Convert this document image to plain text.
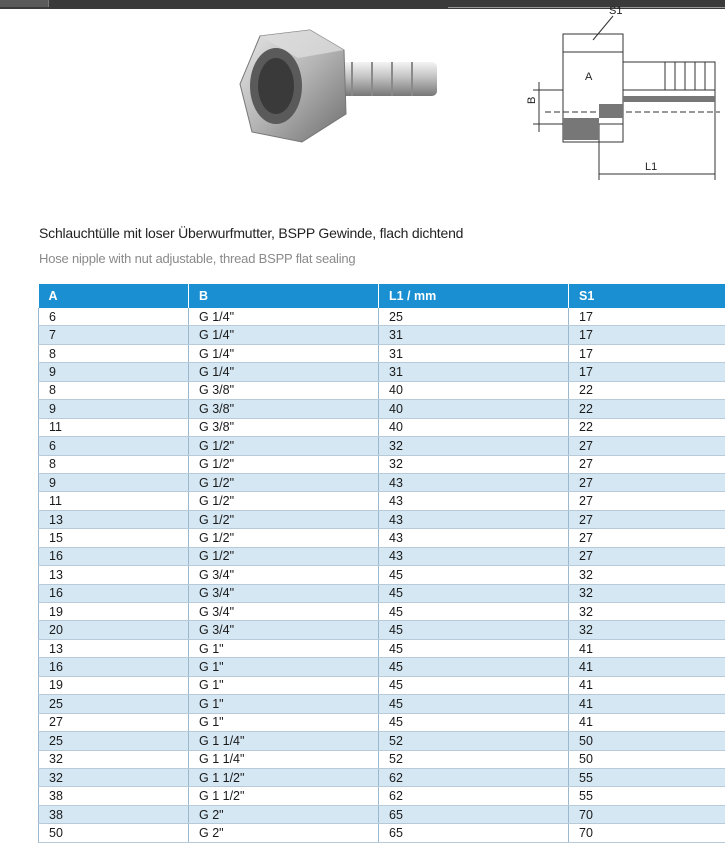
S1
A
B
L1
Schlauchtülle mit loser Überwurfmutter, BSPP Gewinde, flach dichtend
Hose nipple with nut adjustable, thread BSPP flat sealing
A	B	L1 / mm	S1
6	G 1/4"	25	17
7	G 1/4"	31	17
8	G 1/4"	31	17
9	G 1/4"	31	17
8	G 3/8"	40	22
9	G 3/8"	40	22
11	G 3/8"	40	22
6	G 1/2"	32	27
8	G 1/2"	32	27
9	G 1/2"	43	27
11	G 1/2"	43	27
13	G 1/2"	43	27
15	G 1/2"	43	27
16	G 1/2"	43	27
13	G 3/4"	45	32
16	G 3/4"	45	32
19	G 3/4"	45	32
20	G 3/4"	45	32
13	G 1"	45	41
16	G 1"	45	41
19	G 1"	45	41
25	G 1"	45	41
27	G 1"	45	41
25	G 1 1/4"	52	50
32	G 1 1/4"	52	50
32	G 1 1/2"	62	55
38	G 1 1/2"	62	55
38	G 2"	65	70
50	G 2"	65	70
